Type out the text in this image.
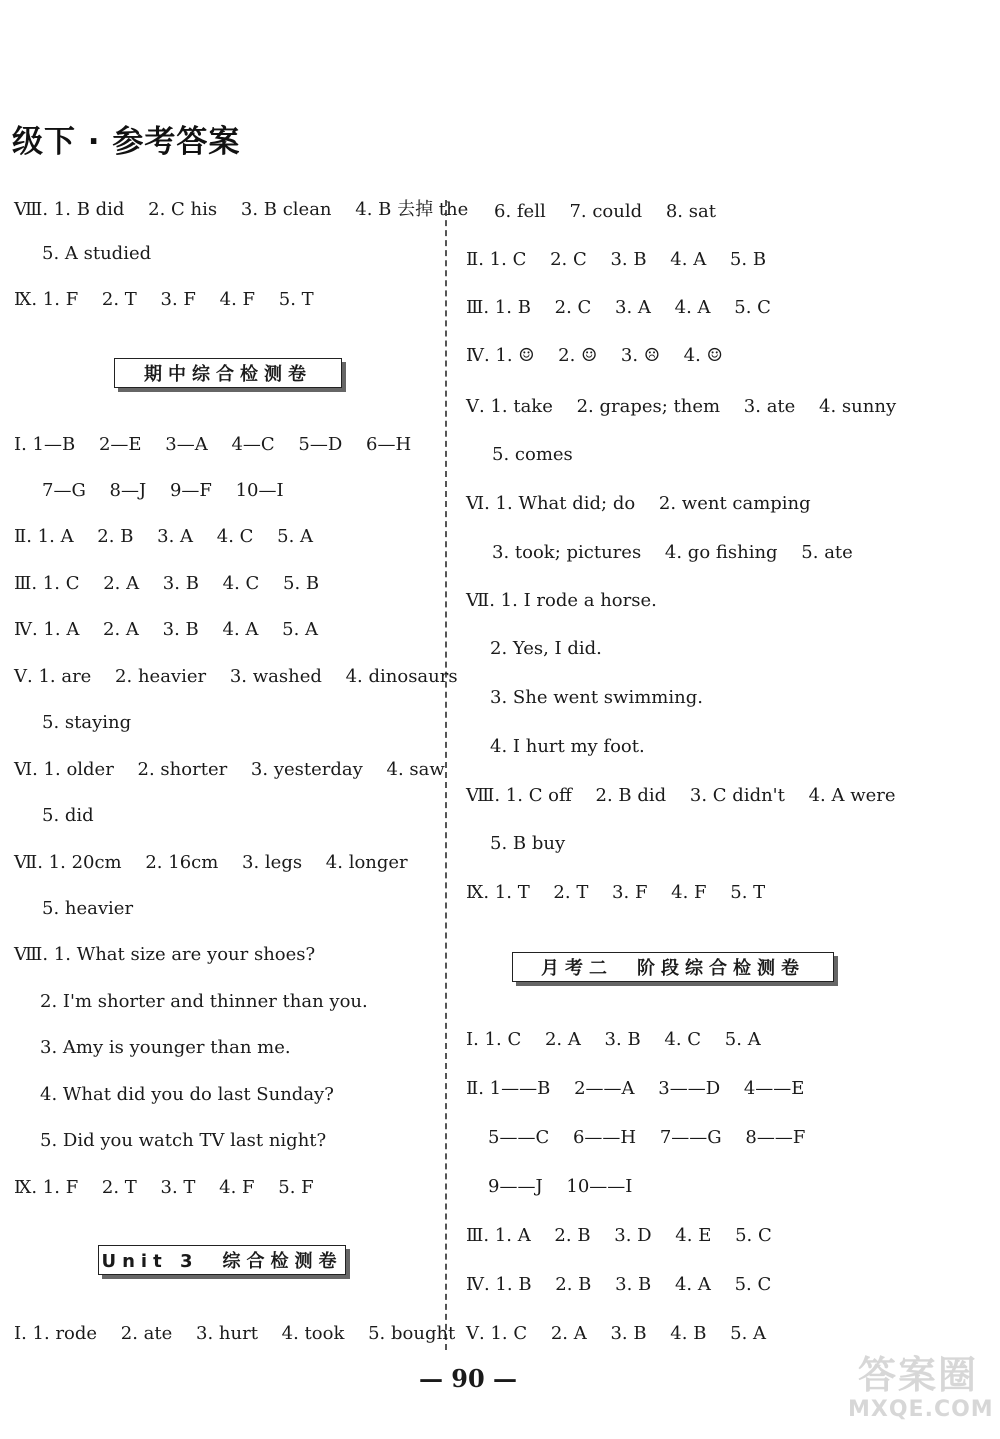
级下 · 参考答案
Ⅷ. 1. B did　 2. C his　 3. B clean　 4. B 去掉 the
5. A studied
Ⅸ. 1. F　 2. T　 3. F　 4. F　 5. T
期中综合检测卷
Ⅰ. 1—B　 2—E　 3—A　 4—C　 5—D　 6—H
7—G　 8—J　 9—F　 10—I
Ⅱ. 1. A　 2. B　 3. A　 4. C　 5. A
Ⅲ. 1. C　 2. A　 3. B　 4. C　 5. B
Ⅳ. 1. A　 2. A　 3. B　 4. A　 5. A
Ⅴ. 1. are　 2. heavier　 3. washed　 4. dinosaurs
5. staying
Ⅵ. 1. older　 2. shorter　 3. yesterday　 4. saw
5. did
Ⅶ. 1. 20cm　 2. 16cm　 3. legs　 4. longer
5. heavier
Ⅷ. 1. What size are your shoes?
2. I'm shorter and thinner than you.
3. Amy is younger than me.
4. What did you do last Sunday?
5. Did you watch TV last night?
Ⅸ. 1. F　 2. T　 3. T　 4. F　 5. F
Unit 3　综合检测卷
Ⅰ. 1. rode　 2. ate　 3. hurt　 4. took　 5. bought
6. fell　 7. could　 8. sat
Ⅱ. 1. C　 2. C　 3. B　 4. A　 5. B
Ⅲ. 1. B　 2. C　 3. A　 4. A　 5. C
Ⅳ. 1. ☺　 2. ☺　 3. ☹　 4. ☺
Ⅴ. 1. take　 2. grapes; them　 3. ate　 4. sunny
5. comes
Ⅵ. 1. What did; do　 2. went camping
3. took; pictures　 4. go fishing　 5. ate
Ⅶ. 1. I rode a horse.
2. Yes, I did.
3. She went swimming.
4. I hurt my foot.
Ⅷ. 1. C off　 2. B did　 3. C didn't　 4. A were
5. B buy
Ⅸ. 1. T　 2. T　 3. F　 4. F　 5. T
月考二　阶段综合检测卷
Ⅰ. 1. C　 2. A　 3. B　 4. C　 5. A
Ⅱ. 1——B　 2——A　 3——D　 4——E
5——C　 6——H　 7——G　 8——F
9——J　 10——I
Ⅲ. 1. A　 2. B　 3. D　 4. E　 5. C
Ⅳ. 1. B　 2. B　 3. B　 4. A　 5. C
Ⅴ. 1. C　 2. A　 3. B　 4. B　 5. A
— 90 —	答案圈
MXQE.COM
